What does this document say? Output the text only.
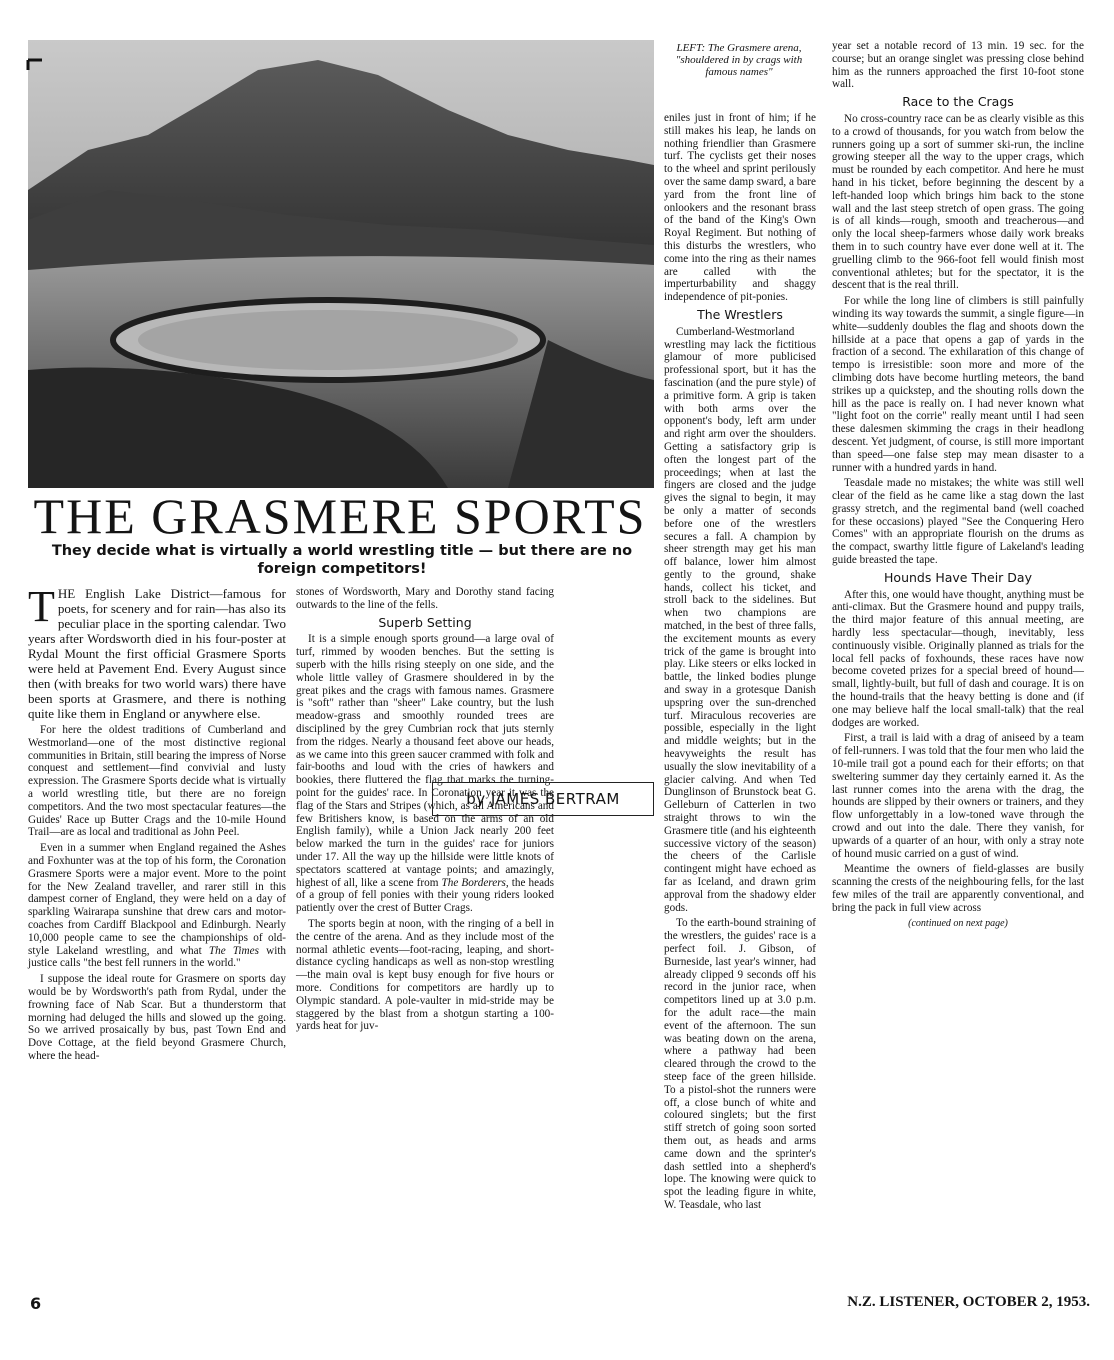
LEFT: The Grasmere arena, "shouldered in by crags with famous names"
THE GRASMERE SPORTS
They decide what is virtually a world wrestling title — but there are no foreign competitors!

THE English Lake District—famous for poets, for scenery and for rain—has also its peculiar place in the sporting calendar. Two years after Wordsworth died in his four-poster at Rydal Mount the first official Grasmere Sports were held at Pavement End. Every August since then (with breaks for two world wars) there have been sports at Grasmere, and there is nothing quite like them in England or anywhere else.

For here the oldest traditions of Cumberland and Westmorland—one of the most distinctive regional communities in Britain, still bearing the impress of Norse conquest and settlement—find convivial and lusty expression. The Grasmere Sports decide what is virtually a world wrestling title, but there are no foreign competitors. And the two most spectacular features—the Guides' Race up Butter Crags and the 10-mile Hound Trail—are as local and traditional as John Peel.

Even in a summer when England regained the Ashes and Foxhunter was at the top of his form, the Coronation Grasmere Sports were a major event. More to the point for the New Zealand traveller, and rarer still in this dampest corner of England, they were held on a day of sparkling Wairarapa sunshine that drew cars and motor-coaches from Cardiff Blackpool and Edinburgh. Nearly 10,000 people came to see the championships of old-style Lakeland wrestling, and what The Times with justice calls "the best fell runners in the world."

I suppose the ideal route for Grasmere on sports day would be by Wordsworth's path from Rydal, under the frowning face of Nab Scar. But a thunderstorm that morning had deluged the hills and slowed up the going. So we arrived prosaically by bus, past Town End and Dove Cottage, at the field beyond Grasmere Church, where the head-

stones of Wordsworth, Mary and Dorothy stand facing outwards to the line of the fells.

Superb Setting

It is a simple enough sports ground—a large oval of turf, rimmed by wooden benches. But the setting is superb with the hills rising steeply on one side, and the whole little valley of Grasmere shouldered in by the great pikes and the crags with famous names. Grasmere is "soft" rather than "sheer" Lake country, but the lush meadow-grass and smoothly rounded trees are disciplined by the grey Cumbrian rock that juts sternly from the ridges. Nearly a thousand feet above our heads, as we came into this green saucer crammed with folk and fair-booths and loud with the cries of hawkers and bookies, there fluttered the flag that marks the turning-point for the guides' race. In Coronation year it was the flag of the Stars and Stripes (which, as all Americans and few Britishers know, is based on the arms of an old English family), while a Union Jack nearly 200 feet below marked the turn in the guides' race for juniors under 17. All the way up the hillside were little knots of spectators scattered at vantage points; and amazingly, highest of all, like a scene from The Borderers, the heads of a group of fell ponies with their young riders looked patiently over the crest of Butter Crags.

The sports begin at noon, with the ringing of a bell in the centre of the arena. And as they include most of the normal athletic events—foot-racing, leaping, and short-distance cycling handicaps as well as non-stop wrestling—the main oval is kept busy enough for five hours or more. Conditions for competitors are hardly up to Olympic standard. A pole-vaulter in mid-stride may be staggered by the blast from a shotgun starting a 100-yards heat for juv-

eniles just in front of him; if he still makes his leap, he lands on nothing friendlier than Grasmere turf. The cyclists get their noses to the wheel and sprint perilously over the same damp sward, a bare yard from the front line of onlookers and the resonant brass of the band of the King's Own Royal Regiment. But nothing of this disturbs the wrestlers, who come into the ring as their names are called with the imperturbability and shaggy independence of pit-ponies.

The Wrestlers

Cumberland-Westmorland wrestling may lack the fictitious glamour of more publicised professional sport, but it has the fascination (and the pure style) of a primitive form. A grip is taken with both arms over the opponent's body, left arm under and right arm over the shoulders. Getting a satisfactory grip is often the longest part of the proceedings; when at last the fingers are closed and the judge gives the signal to begin, it may be only a matter of seconds before one of the wrestlers secures a fall. A champion by sheer strength may get his man off balance, lower him almost gently to the ground, shake hands, collect his ticket, and stroll back to the sidelines. But when two champions are matched, in the best of three falls, the excitement mounts as every trick of the game is brought into play. Like steers or elks locked in battle, the linked bodies plunge and sway in a grotesque Danish upspring over the sun-drenched turf. Miraculous recoveries are possible, especially in the light and middle weights; but in the heavyweights the result has usually the slow inevitability of a glacier calving. And when Ted Dunglinson of Brunstock beat G. Gelleburn of Catterlen in two straight throws to win the Grasmere title (and his eighteenth successive victory of the season) the cheers of the Carlisle contingent might have echoed as far as Iceland, and drawn grim approval from the shadowy elder gods.

To the earth-bound straining of the wrestlers, the guides' race is a perfect foil. J. Gibson, of Burneside, last year's winner, had already clipped 9 seconds off his record in the junior race, when competitors lined up at 3.0 p.m. for the adult race—the main event of the afternoon. The sun was beating down on the arena, where a pathway had been cleared through the crowd to the steep face of the green hillside. To a pistol-shot the runners were off, a close bunch of white and coloured singlets; but the first stiff stretch of going soon sorted them out, as heads and arms came down and the sprinter's dash settled into a shepherd's lope. The knowing were quick to spot the leading figure in white, W. Teasdale, who last

by JAMES BERTRAM

year set a notable record of 13 min. 19 sec. for the course; but an orange singlet was pressing close behind him as the runners approached the first 10-foot stone wall.

Race to the Crags

No cross-country race can be as clearly visible as this to a crowd of thousands, for you watch from below the runners going up a sort of summer ski-run, the incline growing steeper all the way to the upper crags, which must be rounded by each competitor. And here he must hand in his ticket, before beginning the descent by a left-handed loop which brings him back to the stone wall and the last steep stretch of open grass. The going is of all kinds—rough, smooth and treacherous—and only the local sheep-farmers whose daily work breaks them in to such country have ever done well at it. The gruelling climb to the 966-foot fell would finish most conventional athletes; but for the spectator, it is the descent that is the real thrill.

For while the long line of climbers is still painfully winding its way towards the summit, a single figure—in white—suddenly doubles the flag and shoots down the hillside at a pace that opens a gap of yards in the fraction of a second. The exhilaration of this change of tempo is irresistible: soon more and more of the climbing dots have become hurtling meteors, the band strikes up a quickstep, and the shouting rolls down the hill as the pace is really on. I had never known what "light foot on the corrie" really meant until I had seen these dalesmen skimming the crags in their headlong descent. Yet judgment, of course, is still more important than speed—one false step may mean disaster to a runner with a hundred yards in hand.

Teasdale made no mistakes; the white was still well clear of the field as he came like a stag down the last grassy stretch, and the regimental band (well coached for these occasions) played "See the Conquering Hero Comes" with an appropriate flourish on the drums as the compact, swarthy little figure of Lakeland's leading guide breasted the tape.

Hounds Have Their Day

After this, one would have thought, anything must be anti-climax. But the Grasmere hound and puppy trails, the third major feature of this annual meeting, are hardly less spectacular—though, inevitably, less continuously visible. Originally planned as trials for the local fell packs of foxhounds, these races have now become coveted prizes for a special breed of hound—small, lightly-built, but full of dash and courage. It is on the hound-trails that the heavy betting is done and (if one may believe half the local small-talk) that the real dodges are worked.

First, a trail is laid with a drag of aniseed by a team of fell-runners. I was told that the four men who laid the 10-mile trail got a pound each for their efforts; on that sweltering summer day they certainly earned it. As the last runner comes into the arena with the drag, the hounds are slipped by their owners or trainers, and they flow unforgettably in a low-toned wave through the crowd and out into the dale. There they vanish, for upwards of a quarter of an hour, with only a stray note of hound music carried on a gust of wind.

Meantime the owners of field-glasses are busily scanning the crests of the neighbouring fells, for the last few miles of the trail are apparently conventional, and bring the pack in full view across

(continued on next page)
6	N.Z. LISTENER, OCTOBER 2, 1953.
